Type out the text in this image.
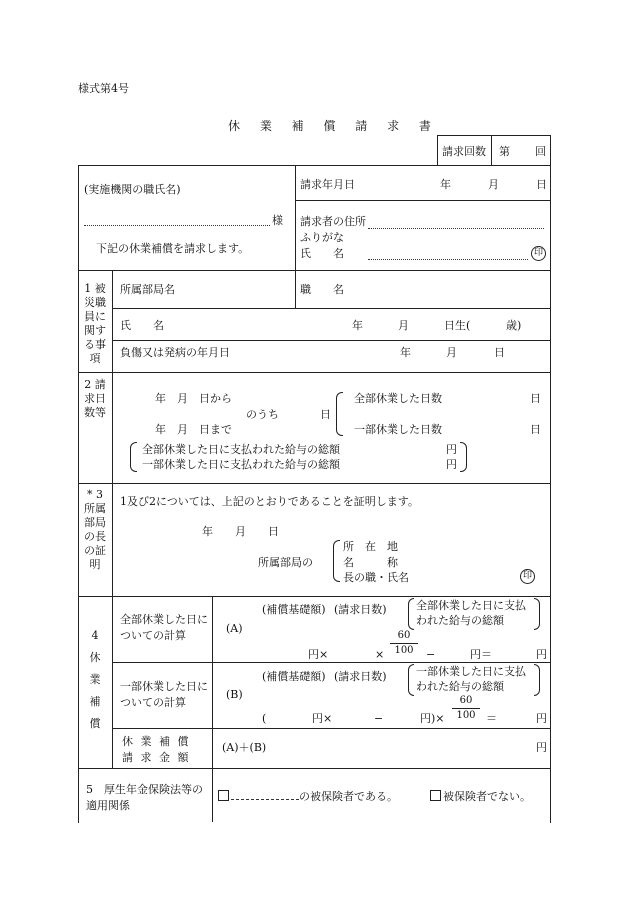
様式第4号
休 業 補 償 請 求 書
請求回数 第 回
(実施機関の職氏名)
様
下記の休業補償を請求します。
請求年月日	年	月	日
請求者の住所
ふりがな
氏　　名	印
1 被災職員に関する事項
所属部局名	職　　名
氏　　名	年	月	日生(	歳)
負傷又は発病の年月日	年	月	日
2 請求日数等
年　月　日から
のうち	日
年　月　日まで
全部休業した日数	日
一部休業した日数	日
全部休業した日に支払われた給与の総額	円
一部休業した日に支払われた給与の総額	円
* 3 所属部局の長の証明
1及び2については、上記のとおりであることを証明します。
年　　月　　日
所属部局の
所　在　地
名　　　称
長の職・氏名	印
4 休業補償
全部休業した日についての計算
(A)
(補償基礎額) (請求日数)	全部休業した日に支払われた給与の総額
円×	×
60
100	−	円＝	円
一部休業した日についての計算
(B)
(補償基礎額) (請求日数)	一部休業した日に支払われた給与の総額
(	円×	−	円)×
60
100 ＝	円
休 業 補 償 請 求 金 額
(A)＋(B)	円
5　厚生年金保険法等の適用関係
の被保険者である。	被保険者でない。
